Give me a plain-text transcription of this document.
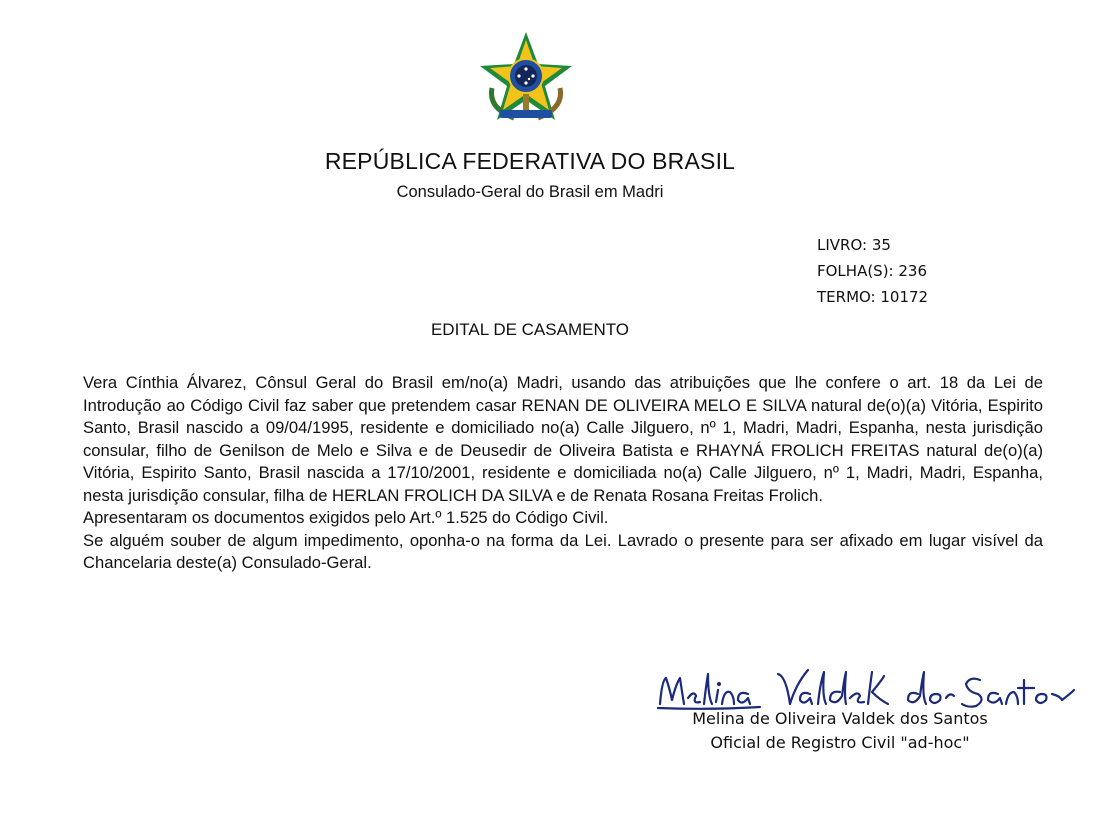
REPÚBLICA FEDERATIVA DO BRASIL
Consulado-Geral do Brasil em Madri
LIVRO: 35
FOLHA(S): 236
TERMO: 10172
EDITAL DE CASAMENTO

Vera Cínthia Álvarez, Cônsul Geral do Brasil em/no(a) Madri, usando das atribuições que lhe confere o art. 18 da Lei de Introdução ao Código Civil faz saber que pretendem casar RENAN DE OLIVEIRA MELO E SILVA natural de(o)(a) Vitória, Espirito Santo, Brasil nascido a 09/04/1995, residente e domiciliado no(a) Calle Jilguero, nº 1, Madri, Madri, Espanha, nesta jurisdição consular, filho de Genilson de Melo e Silva e de Deusedir de Oliveira Batista e RHAYNÁ FROLICH FREITAS natural de(o)(a) Vitória, Espirito Santo, Brasil nascida a 17/10/2001, residente e domiciliada no(a) Calle Jilguero, nº 1, Madri, Madri, Espanha, nesta jurisdição consular, filha de HERLAN FROLICH DA SILVA e de Renata Rosana Freitas Frolich.

Apresentaram os documentos exigidos pelo Art.º 1.525 do Código Civil.

Se alguém souber de algum impedimento, oponha-o na forma da Lei. Lavrado o presente para ser afixado em lugar visível da Chancelaria deste(a) Consulado-Geral.

Melina de Oliveira Valdek dos Santos
Oficial de Registro Civil "ad-hoc"
